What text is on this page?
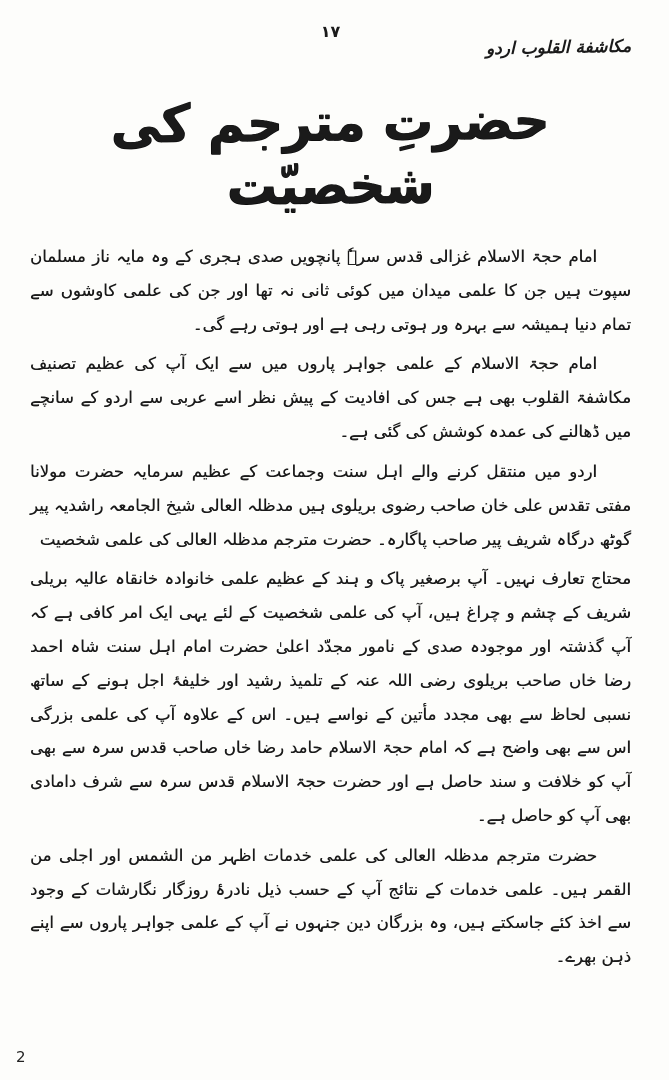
۱۷
مکاشفة القلوب اردو
حضرتِ مترجم کی شخصیّت

امام حجۃ الاسلام غزالی قدس سرہٗ پانچویں صدی ہجری کے وہ مایہ ناز مسلمان سپوت ہیں جن کا علمی میدان میں کوئی ثانی نہ تھا اور جن کی علمی کاوشوں سے تمام دنیا ہمیشہ سے بہرہ ور ہوتی رہی ہے اور ہوتی رہے گی۔

امام حجۃ الاسلام کے علمی جواہر پاروں میں سے ایک آپ کی عظیم تصنیف مکاشفۃ القلوب بھی ہے جس کی افادیت کے پیش نظر اسے عربی سے اردو کے سانچے میں ڈھالنے کی عمدہ کوشش کی گئی ہے۔

اردو میں منتقل کرنے والے اہل سنت وجماعت کے عظیم سرمایہ حضرت مولانا مفتی تقدس علی خان صاحب رضوی بریلوی ہیں مدظلہ العالی شیخ الجامعہ راشدیہ پیر گوٹھ درگاہ شریف پیر صاحب پاگارہ۔ حضرت مترجم مدظلہ العالی کی علمی شخصیت

محتاج تعارف نہیں۔ آپ برصغیر پاک و ہند کے عظیم علمی خانوادہ خانقاہ عالیہ بریلی شریف کے چشم و چراغ ہیں، آپ کی علمی شخصیت کے لئے یہی ایک امر کافی ہے کہ آپ گذشتہ اور موجودہ صدی کے نامور مجدّد اعلیٰ حضرت امام اہل سنت شاہ احمد رضا خاں صاحب بریلوی رضی اللہ عنہ کے تلمیذ رشید اور خلیفۂ اجل ہونے کے ساتھ نسبی لحاظ سے بھی مجدد مأتین کے نواسے ہیں۔ اس کے علاوہ آپ کی علمی بزرگی اس سے بھی واضح ہے کہ امام حجۃ الاسلام حامد رضا خاں صاحب قدس سرہ سے بھی آپ کو خلافت و سند حاصل ہے اور حضرت حجۃ الاسلام قدس سرہ سے شرف دامادی بھی آپ کو حاصل ہے۔

حضرت مترجم مدظلہ العالی کی علمی خدمات اظہر من الشمس اور اجلی من القمر ہیں۔ علمی خدمات کے نتائج آپ کے حسب ذیل نادرۂ روزگار نگارشات کے وجود سے اخذ کئے جاسکتے ہیں، وہ بزرگان دین جنہوں نے آپ کے علمی جواہر پاروں سے اپنے ذہن بھرے۔

2
